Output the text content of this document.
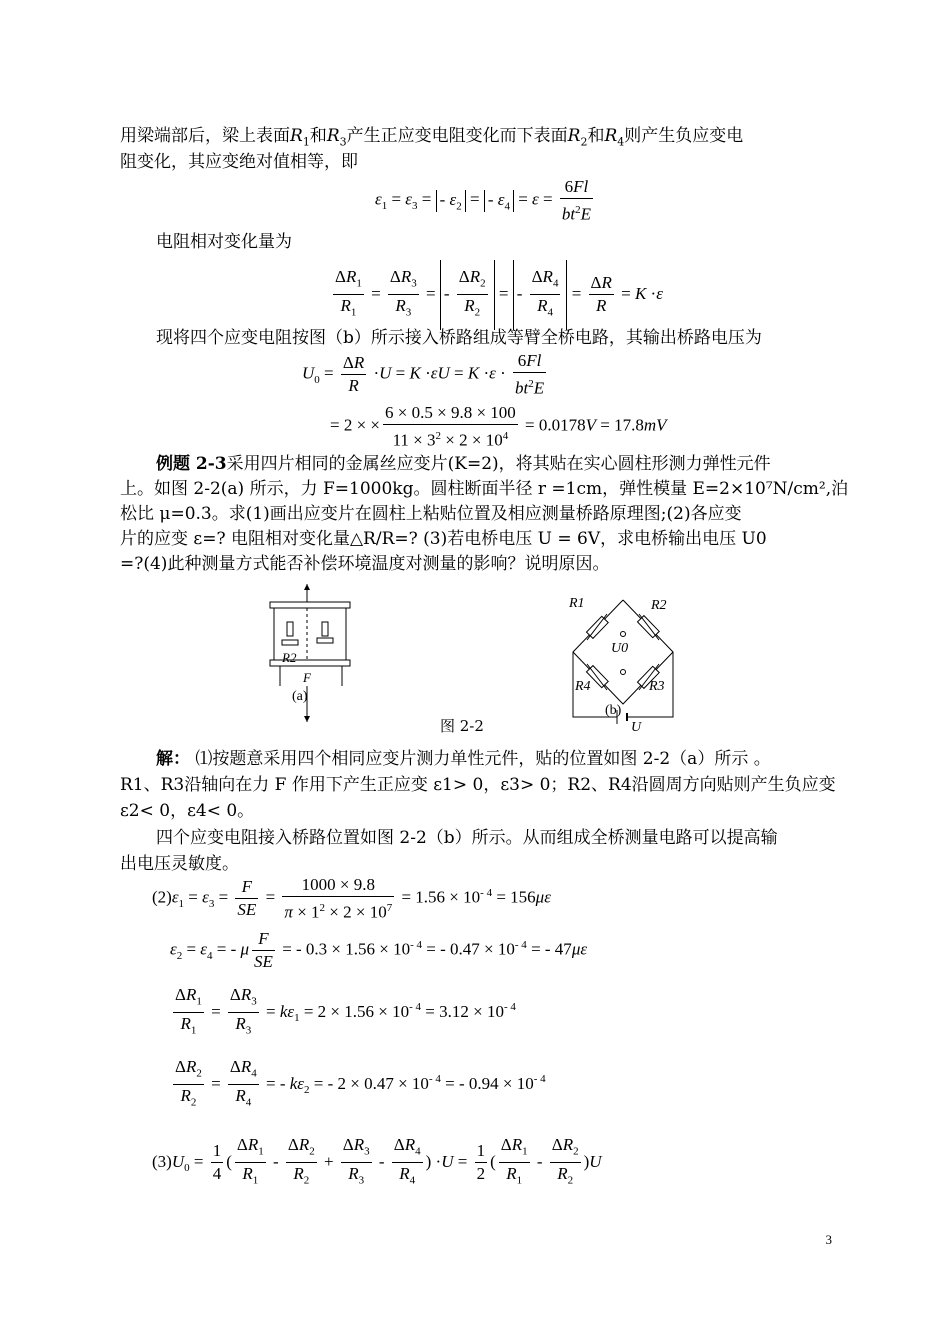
用梁端部后，梁上表面$R_1$和$R_3$产生正应变电阻变化而下表面$R_2$和$R_4$则产生负应变电
阻变化，其应变绝对值相等，即
$\varepsilon_1 = \varepsilon_3$ = - $\varepsilon_2$ = - $\varepsilon_4 = \varepsilon = \frac{6Fl}{bt^2E}$
电阻相对变化量为
$\frac{\Delta R_1}{R_1} = \frac{\Delta R_3}{R_3}$ = - $\frac{\Delta R_2}{R_2}$ = - $\frac{\Delta R_4}{R_4} = \frac{\Delta R}{R} = K \cdot\varepsilon$
现将四个应变电阻按图（b）所示接入桥路组成等臂全桥电路，其输出桥路电压为
$U_0 = \frac{\Delta R}{R} \cdot U = K \cdot\varepsilon U = K \cdot\varepsilon \cdot \frac{6Fl}{bt^2E}$
= 2 × × $\frac{6 \times 0.5 \times 9.8 \times 100}{11 \times 3^2 \times 2 \times 10^4} = 0.0178V = 17.8mV$
例题 2-3采用四片相同的金属丝应变片(K=2)，将其贴在实心圆柱形测力弹性元件
上。如图 2-2(a) 所示，力 F=1000kg。圆柱断面半径 r =1cm，弹性模量 E=2×10⁷N/cm²,泊
松比 μ=0.3。求(1)画出应变片在圆柱上粘贴位置及相应测量桥路原理图;(2)各应变
片的应变 ε=? 电阻相对变化量△R/R=? (3)若电桥电压 U = 6V，求电桥输出电压 U0
=?(4)此种测量方式能否补偿环境温度对测量的影响？说明原因。
R2
F
(a)
R1	R2
U0
R4	R3
(b)
U
图 2-2
解： ⑴按题意采用四个相同应变片测力单性元件，贴的位置如图 2-2（a）所示 。
R1、R3沿轴向在力 F 作用下产生正应变 ε1> 0，ε3> 0；R2、R4沿圆周方向贴则产生负应变
ε2< 0，ε4< 0。
四个应变电阻接入桥路位置如图 2-2（b）所示。从而组成全桥测量电路可以提高输
出电压灵敏度。
$(2)\varepsilon_1 = \varepsilon_3 = \frac{F}{SE} = \frac{1000 \times 9.8}{\pi \times 1^2 \times 2 \times 10^7} = 1.56 \times 10^{- 4} = 156\mu\varepsilon$
$\varepsilon_2 = \varepsilon_4$ = - μ $\frac{F}{SE}$ = - $0.3 \times 1.56 \times 10^{- 4}$ = - $0.47 \times 10^{- 4}$ = - 47με
$\frac{\Delta R_1}{R_1} = \frac{\Delta R_3}{R_3} = k\varepsilon_1 = 2 \times 1.56 \times 10^{- 4} = 3.12 \times 10^{- 4}$
$\frac{\Delta R_2}{R_2} = \frac{\Delta R_4}{R_4}$ = - $k\varepsilon_2$ = - $2 \times 0.47 \times 10^{- 4}$ = - $0.94 \times 10^{- 4}$
$(3)U_0 = \frac{1}{4}$ ( $\frac{\Delta R_1}{R_1} - \frac{\Delta R_2}{R_2} + \frac{\Delta R_3}{R_3} - \frac{\Delta R_4}{R_4}$ ) $\cdot U = \frac{1}{2}$ ( $\frac{\Delta R_1}{R_1} - \frac{\Delta R_2}{R_2} )U$
3
